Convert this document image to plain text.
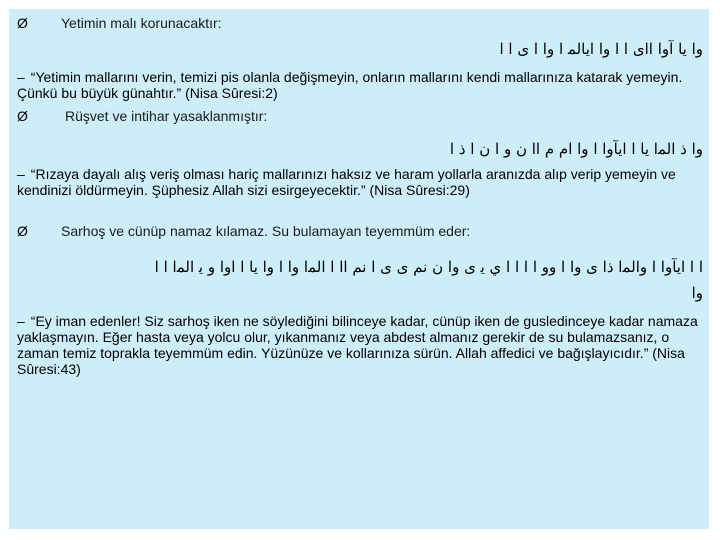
Ø	Yetimin malı korunacaktır:
ﻭﺍ ﻳﺎ ﺁﻭﺍ ﺍﺍﻯ ﺍ ﺍ ﻭﺍ ﺍﻳﺎﻟﻤ ﺍ ﻭﺍ ﺍ ﻯ ﺍ ﺍ
– “Yetimin mallarını verin, temizi pis olanla değişmeyin, onların mallarını kendi mallarınıza katarak yemeyin. Çünkü bu büyük günahtır.” (Nisa Sûresi:2)
Ø	Rüşvet ve intihar yasaklanmıştır:
ﻭﺍ ﺫ ﺍﻟﻤﺍ ﻳﺎ ﺍ ﺍﻳﺂﻭﺍ ﺍ ﻭﺍ ﺍﻡ ﻡ ﺍﺍ ﻥ ﻭ ﺍ ﻥ ﺍ ﺫ ﺍ
– “Rızaya dayalı alış veriş olması hariç mallarınızı haksız ve haram yollarla aranızda alıp verip yemeyin ve kendinizi öldürmeyin. Şüphesiz Allah sizi esirgeyecektir.” (Nisa Sûresi:29)
Ø	Sarhoş ve cünüp namaz kılamaz. Su bulamayan teyemmüm eder:
ﺍ ﺍ ﺍﻳﺂﻭﺍ ﺍ ﻭﺍﻟﻤﺍ ﺫﺍ ﻯ ﻭﺍ ﺍ ﻭﻭ ﺍ ﺍ ﺍ ﺍ ﻱ ﻳ ﻯ ﻭﺍ ﻥ ﻧﻢ ﻯ ﻯ ﺍ ﻧﻢ ﺍﺍ ﺍ ﺍﻟﻤﺍ ﻭﺍ ﺍ ﻭﺍ ﻳﺎ ﺍ ﺍﻭﺍ ﻭ ﻳ ﺍﻟﻤﺍ ﺍ ﺍ
ﻭﺍ
– “Ey iman edenler! Siz sarhoş iken ne söylediğini bilinceye kadar, cünüp iken de gusledinceye kadar namaza yaklaşmayın. Eğer hasta veya yolcu olur, yıkanmanız veya abdest almanız gerekir de su bulamazsanız, o zaman temiz toprakla teyemmüm edin. Yüzünüze ve kollarınıza sürün. Allah affedici ve bağışlayıcıdır.” (Nisa Sûresi:43)
